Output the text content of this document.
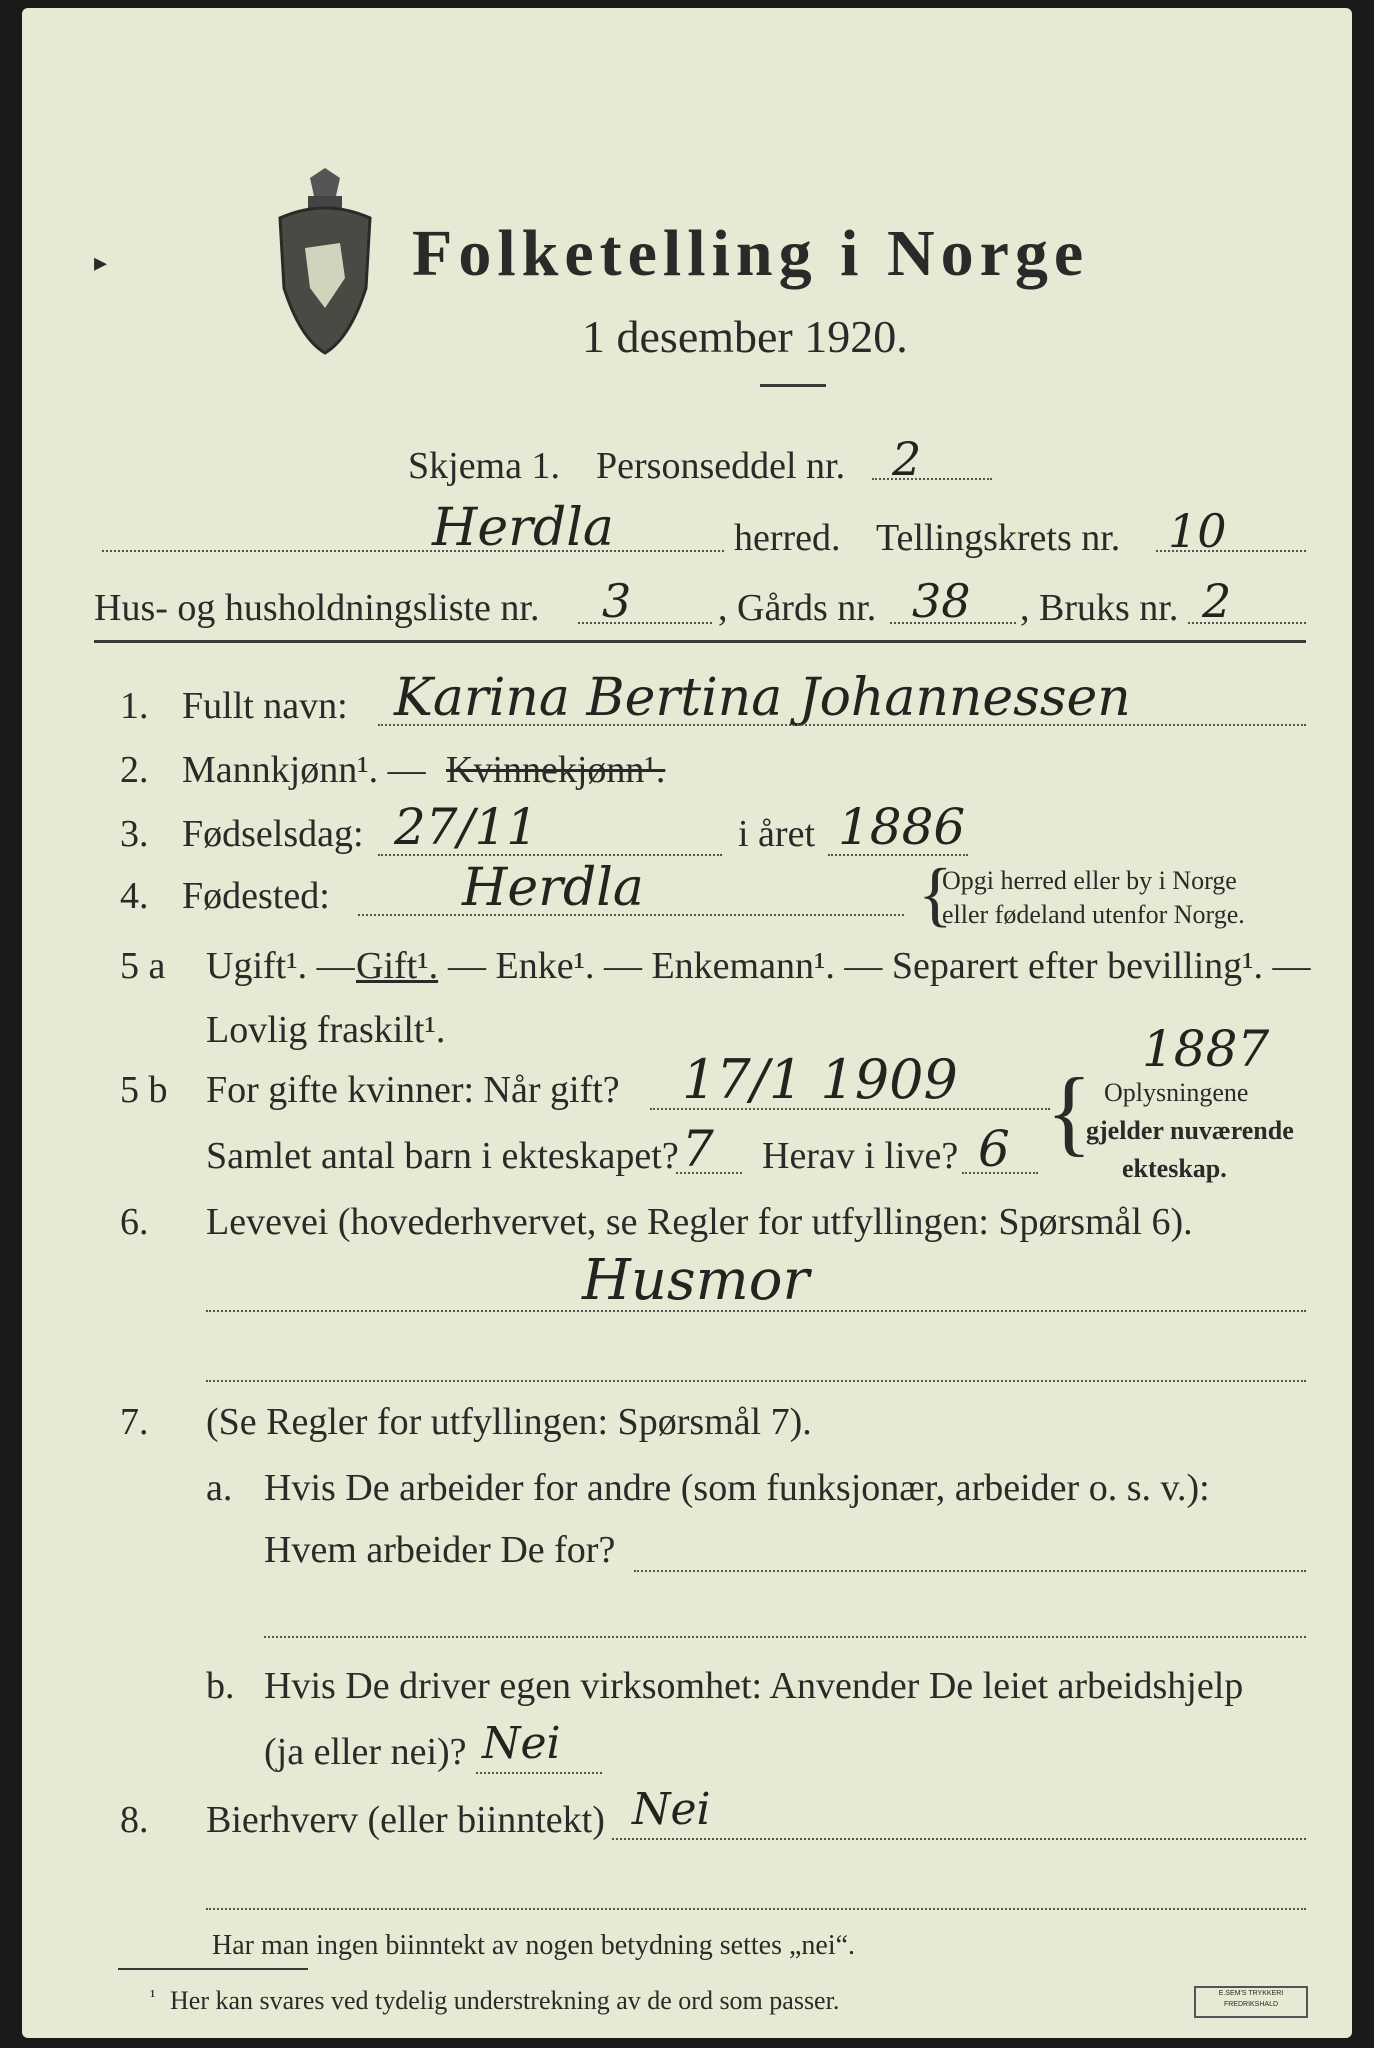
▸	Folketelling i Norge
1 desember 1920.
Skjema 1. Personseddel nr. 2
Herdla	herred. Tellingskrets nr. 10
Hus- og husholdningsliste nr. 3 , Gårds nr. 38 , Bruks nr. 2
1. Fullt navn: Karina Bertina Johannessen
2. Mannkjønn¹. — Kvinnekjønn¹.
3. Fødselsdag: 27/11	i året 1886
4. Fødested:	Herdla	{
Opgi herred eller by i Norge
eller fødeland utenfor Norge.
5 a Ugift¹. — Gift¹. — Enke¹. — Enkemann¹. — Separert efter bevilling¹. —
Lovlig fraskilt¹.	1887
5 b For gifte kvinner: Når gift? 17/1 1909
Samlet antal barn i ekteskapet? 7 Herav i live? 6 { Oplysningene
gjelder nuværende
ekteskap.
6. Levevei (hovederhvervet, se Regler for utfyllingen: Spørsmål 6).
Husmor
7. (Se Regler for utfyllingen: Spørsmål 7).
a. Hvis De arbeider for andre (som funksjonær, arbeider o. s. v.):
Hvem arbeider De for?
b. Hvis De driver egen virksomhet: Anvender De leiet arbeidshjelp
(ja eller nei)? Nei
8. Bierhverv (eller biinntekt) Nei
Har man ingen biinntekt av nogen betydning settes „nei“.
¹ Her kan svares ved tydelig understrekning av de ord som passer.	E.SEM'S TRYKKERI
FREDRIKSHALD
